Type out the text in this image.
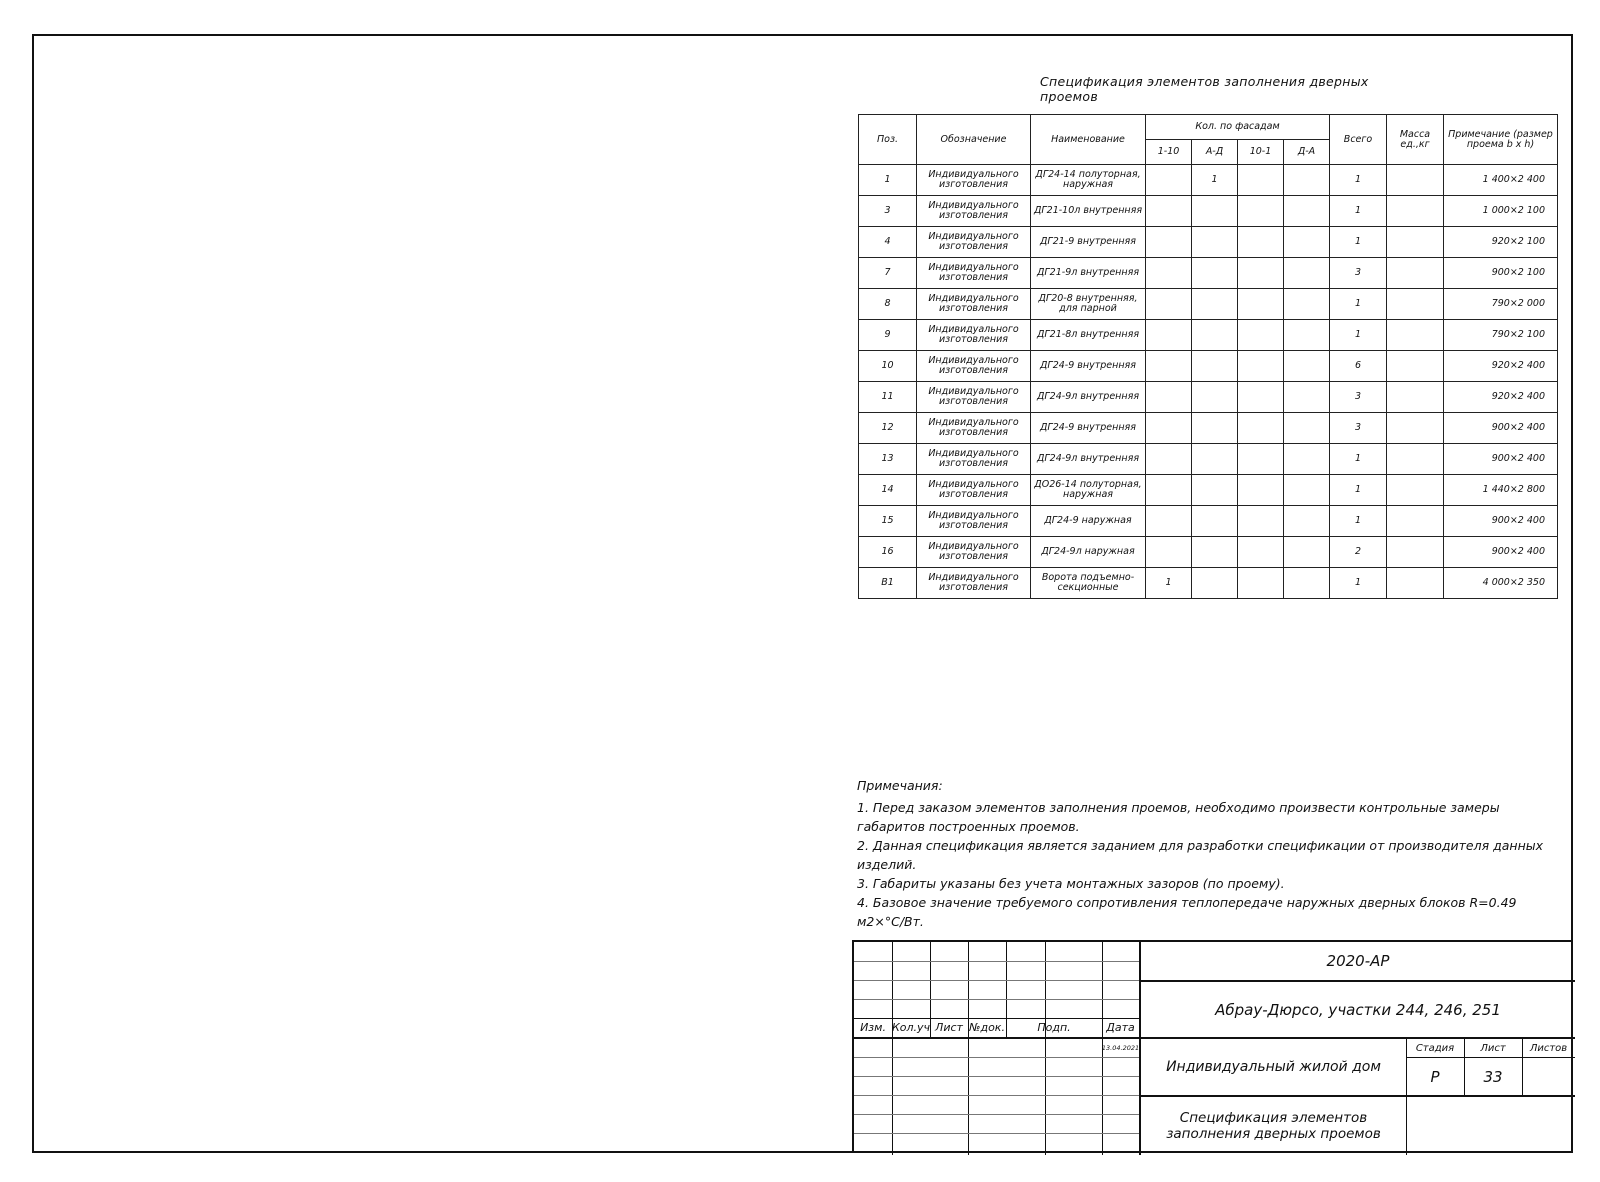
Спецификация элементов заполнения дверных проемов
Поз.	Обозначение	Наименование	Кол. по фасадам				Всего	Масса ед.,кг	Примечание (размер проема b x h)
			1-10	А-Д	10-1	Д-А			
1	Индивидуального изготовления	ДГ24-14 полуторная, наружная		1			1		1 400×2 400
3	Индивидуального изготовления	ДГ21-10л внутренняя					1		1 000×2 100
4	Индивидуального изготовления	ДГ21-9 внутренняя					1		920×2 100
7	Индивидуального изготовления	ДГ21-9л внутренняя					3		900×2 100
8	Индивидуального изготовления	ДГ20-8 внутренняя, для парной					1		790×2 000
9	Индивидуального изготовления	ДГ21-8л внутренняя					1		790×2 100
10	Индивидуального изготовления	ДГ24-9 внутренняя					6		920×2 400
11	Индивидуального изготовления	ДГ24-9л внутренняя					3		920×2 400
12	Индивидуального изготовления	ДГ24-9 внутренняя					3		900×2 400
13	Индивидуального изготовления	ДГ24-9л внутренняя					1		900×2 400
14	Индивидуального изготовления	ДО26-14 полуторная, наружная					1		1 440×2 800
15	Индивидуального изготовления	ДГ24-9 наружная					1		900×2 400
16	Индивидуального изготовления	ДГ24-9л наружная					2		900×2 400
В1	Индивидуального изготовления	Ворота подъемно-секционные	1				1		4 000×2 350
Примечания:
1. Перед заказом элементов заполнения проемов, необходимо произвести контрольные замеры габаритов построенных проемов.
2. Данная спецификация является заданием для разработки спецификации от производителя данных изделий.
3. Габариты указаны без учета монтажных зазоров (по проему).
4. Базовое значение требуемого сопротивления теплопередаче наружных дверных блоков R=0.49 м2×°С/Вт.
Изм. Кол.уч Лист №док.	Подп.	Дата
13.04.2021
2020-АР
Абрау-Дюрсо, участки 244, 246, 251
Индивидуальный жилой дом
Стадия	Лист	Листов
Р	33
Спецификация элементов заполнения дверных проемов
